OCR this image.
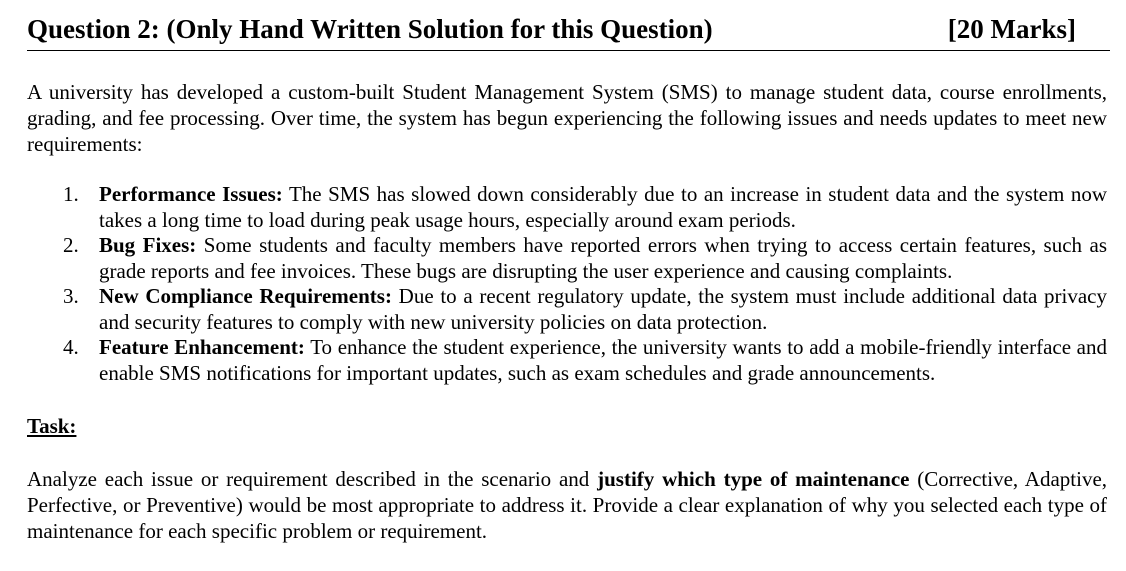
Question 2: (Only Hand Written Solution for this Question)	[20 Marks]

A university has developed a custom-built Student Management System (SMS) to manage student data, course enrollments, grading, and fee processing. Over time, the system has begun experiencing the following issues and needs updates to meet new requirements:

1. Performance Issues: The SMS has slowed down considerably due to an increase in student data and the system now takes a long time to load during peak usage hours, especially around exam periods.
2. Bug Fixes: Some students and faculty members have reported errors when trying to access certain features, such as grade reports and fee invoices. These bugs are disrupting the user experience and causing complaints.
3. New Compliance Requirements: Due to a recent regulatory update, the system must include additional data privacy and security features to comply with new university policies on data protection.
4. Feature Enhancement: To enhance the student experience, the university wants to add a mobile-friendly interface and enable SMS notifications for important updates, such as exam schedules and grade announcements.

Task:

Analyze each issue or requirement described in the scenario and justify which type of maintenance (Corrective, Adaptive, Perfective, or Preventive) would be most appropriate to address it. Provide a clear explanation of why you selected each type of maintenance for each specific problem or requirement.
